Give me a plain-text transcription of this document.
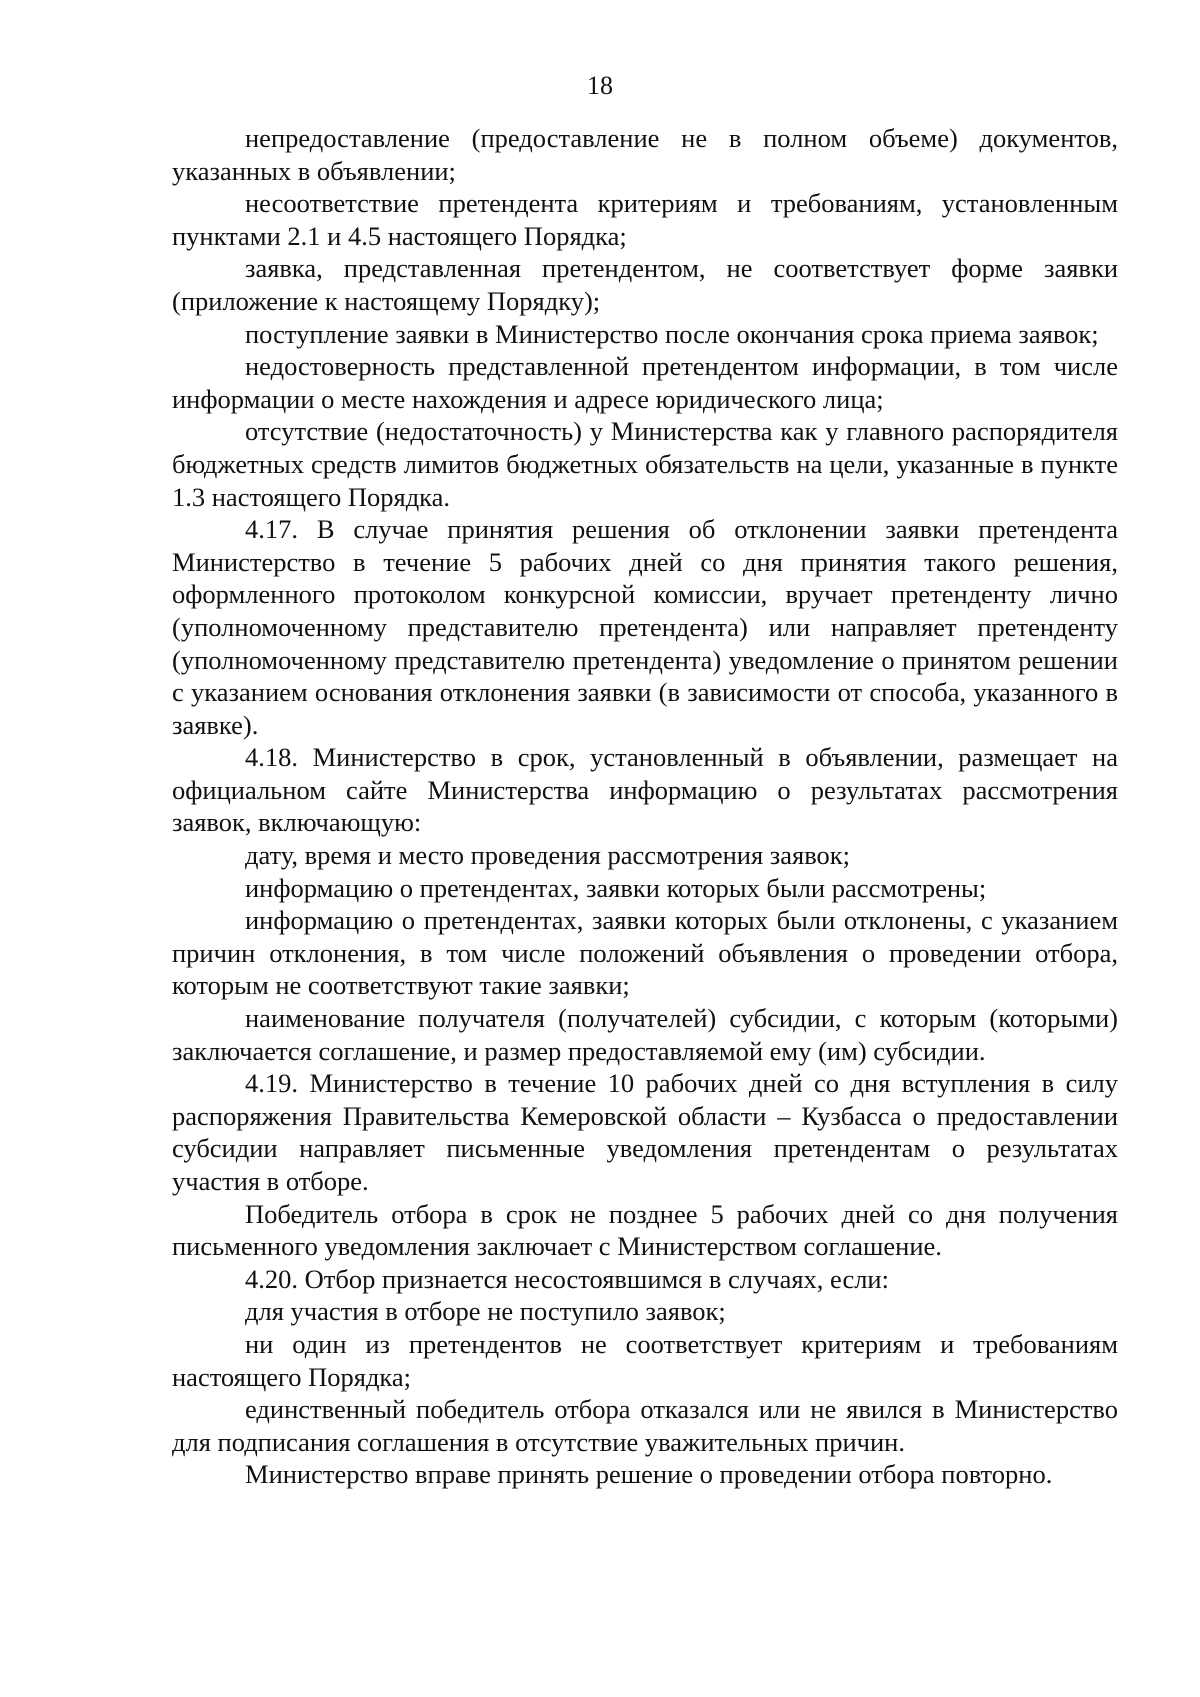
18

непредоставление (предоставление не в полном объеме) документов, указанных в объявлении;

несоответствие претендента критериям и требованиям, установленным пунктами 2.1 и 4.5 настоящего Порядка;

заявка, представленная претендентом, не соответствует форме заявки (приложение к настоящему Порядку);

поступление заявки в Министерство после окончания срока приема заявок;

недостоверность представленной претендентом информации, в том числе информации о месте нахождения и адресе юридического лица;

отсутствие (недостаточность) у Министерства как у главного распорядителя бюджетных средств лимитов бюджетных обязательств на цели, указанные в пункте 1.3 настоящего Порядка.

4.17. В случае принятия решения об отклонении заявки претендента Министерство в течение 5 рабочих дней со дня принятия такого решения, оформленного протоколом конкурсной комиссии, вручает претенденту лично (уполномоченному представителю претендента) или направляет претенденту (уполномоченному представителю претендента) уведомление о принятом решении с указанием основания отклонения заявки (в зависимости от способа, указанного в заявке).

4.18. Министерство в срок, установленный в объявлении, размещает на официальном сайте Министерства информацию о результатах рассмотрения заявок, включающую:

дату, время и место проведения рассмотрения заявок;

информацию о претендентах, заявки которых были рассмотрены;

информацию о претендентах, заявки которых были отклонены, с указанием причин отклонения, в том числе положений объявления о проведении отбора, которым не соответствуют такие заявки;

наименование получателя (получателей) субсидии, с которым (которыми) заключается соглашение, и размер предоставляемой ему (им) субсидии.

4.19. Министерство в течение 10 рабочих дней со дня вступления в силу распоряжения Правительства Кемеровской области – Кузбасса о предоставлении субсидии направляет письменные уведомления претендентам о результатах участия в отборе.

Победитель отбора в срок не позднее 5 рабочих дней со дня получения письменного уведомления заключает с Министерством соглашение.

4.20. Отбор признается несостоявшимся в случаях, если:

для участия в отборе не поступило заявок;

ни один из претендентов не соответствует критериям и требованиям настоящего Порядка;

единственный победитель отбора отказался или не явился в Министерство для подписания соглашения в отсутствие уважительных причин.

Министерство вправе принять решение о проведении отбора повторно.
